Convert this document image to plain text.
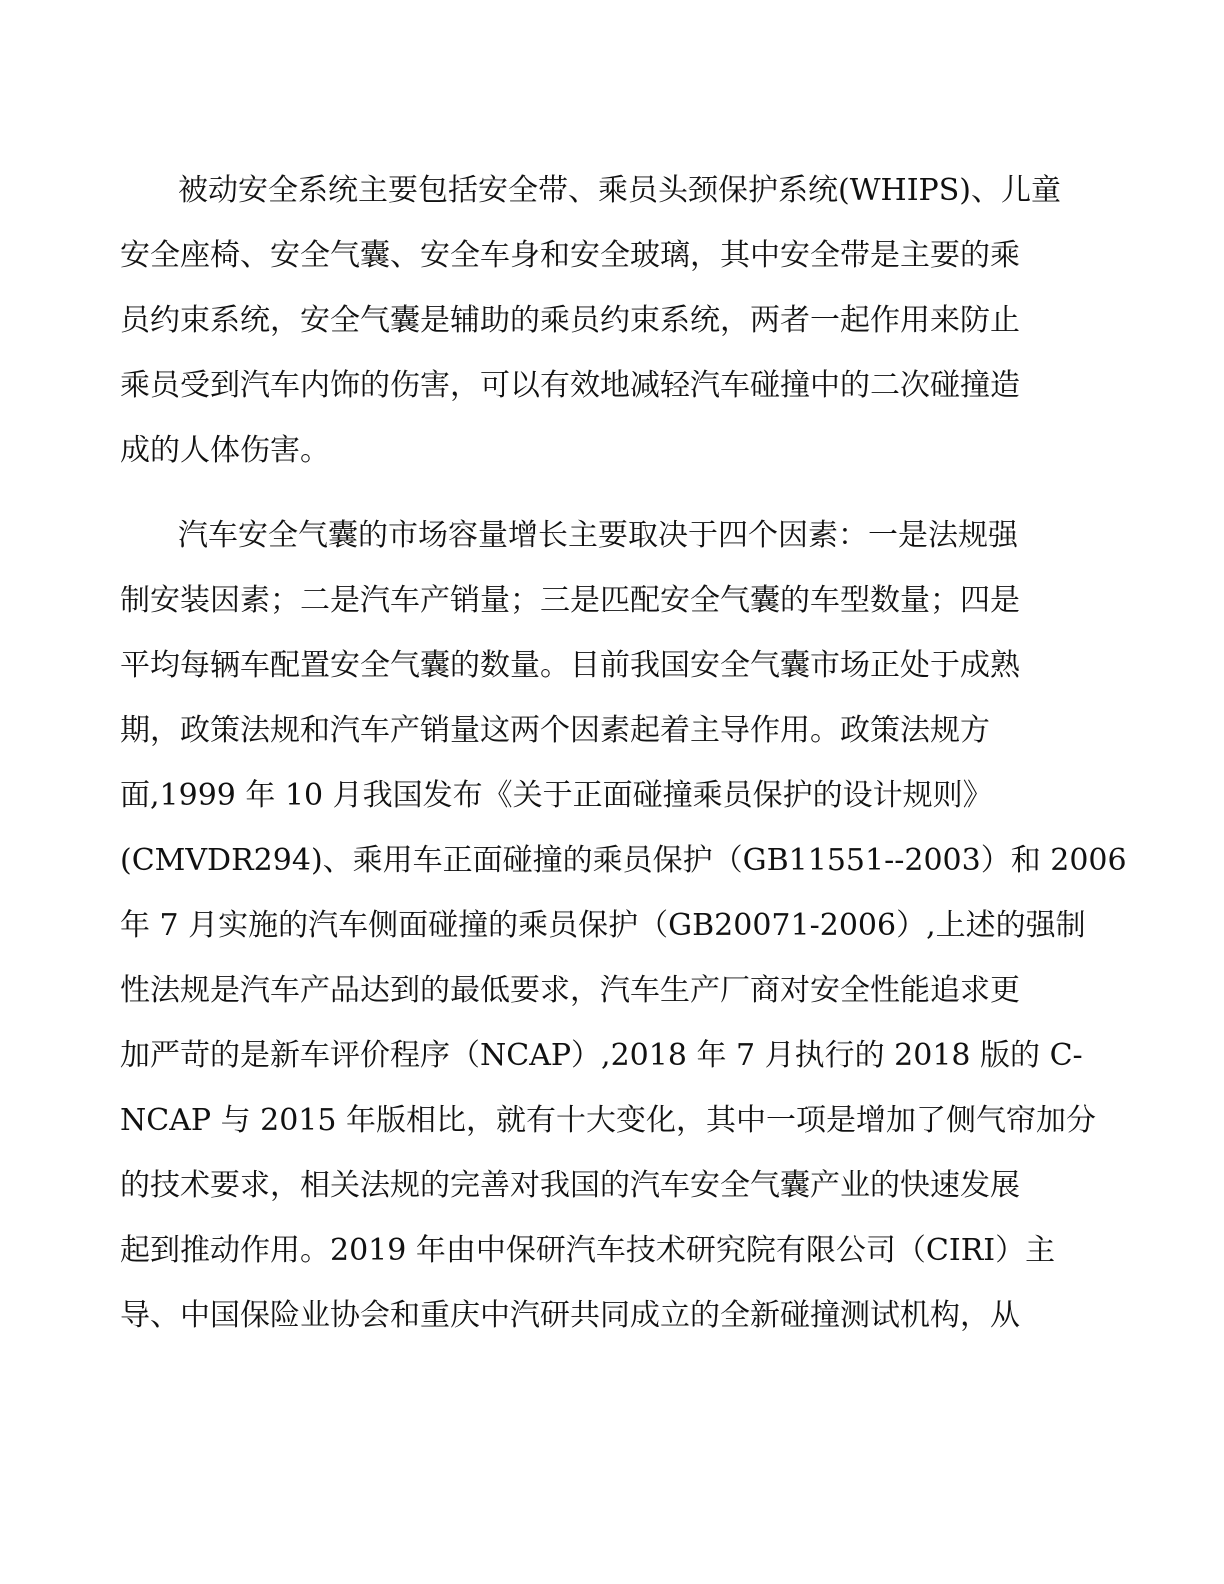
被动安全系统主要包括安全带、乘员头颈保护系统(WHIPS)、儿童
安全座椅、安全气囊、安全车身和安全玻璃，其中安全带是主要的乘
员约束系统，安全气囊是辅助的乘员约束系统，两者一起作用来防止
乘员受到汽车内饰的伤害，可以有效地减轻汽车碰撞中的二次碰撞造
成的人体伤害。
汽车安全气囊的市场容量增长主要取决于四个因素：一是法规强
制安装因素；二是汽车产销量；三是匹配安全气囊的车型数量；四是
平均每辆车配置安全气囊的数量。目前我国安全气囊市场正处于成熟
期，政策法规和汽车产销量这两个因素起着主导作用。政策法规方
面,1999 年 10 月我国发布《关于正面碰撞乘员保护的设计规则》
(CMVDR294)、乘用车正面碰撞的乘员保护（GB11551--2003）和 2006
年 7 月实施的汽车侧面碰撞的乘员保护（GB20071-2006）,上述的强制
性法规是汽车产品达到的最低要求，汽车生产厂商对安全性能追求更
加严苛的是新车评价程序（NCAP）,2018 年 7 月执行的 2018 版的 C-
NCAP 与 2015 年版相比，就有十大变化，其中一项是增加了侧气帘加分
的技术要求，相关法规的完善对我国的汽车安全气囊产业的快速发展
起到推动作用。2019 年由中保研汽车技术研究院有限公司（CIRI）主
导、中国保险业协会和重庆中汽研共同成立的全新碰撞测试机构，从
